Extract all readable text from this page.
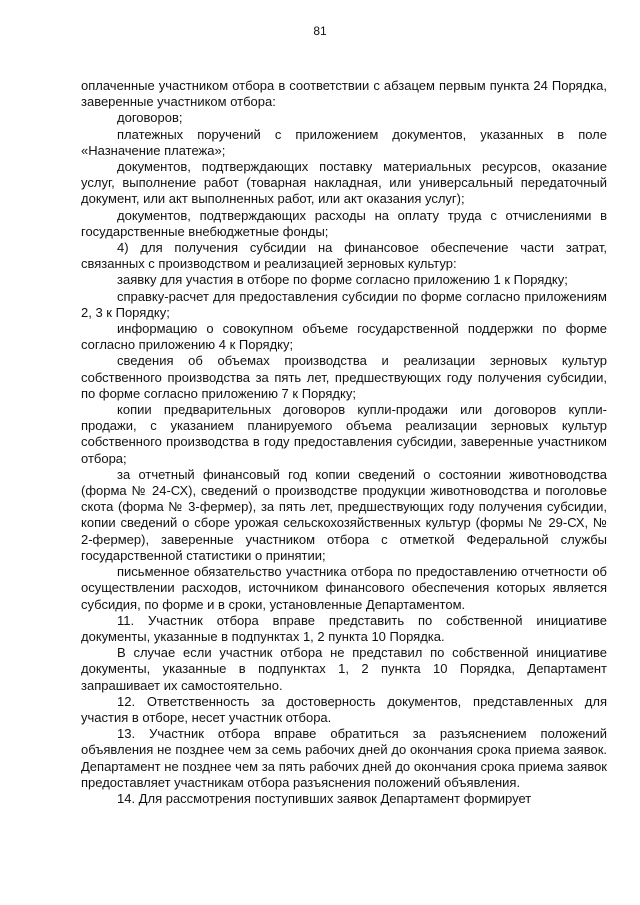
81

оплаченные участником отбора в соответствии с абзацем первым пункта 24 Порядка, заверенные участником отбора:

договоров;

платежных поручений с приложением документов, указанных в поле «Назначение платежа»;

документов, подтверждающих поставку материальных ресурсов, оказание услуг, выполнение работ (товарная накладная, или универсальный передаточный документ, или акт выполненных работ, или акт оказания услуг);

документов, подтверждающих расходы на оплату труда с отчислениями в государственные внебюджетные фонды;

4) для получения субсидии на финансовое обеспечение части затрат, связанных с производством и реализацией зерновых культур:

заявку для участия в отборе по форме согласно приложению 1 к Порядку;

справку-расчет для предоставления субсидии по форме согласно приложениям 2, 3 к Порядку;

информацию о совокупном объеме государственной поддержки по форме согласно приложению 4 к Порядку;

сведения об объемах производства и реализации зерновых культур собственного производства за пять лет, предшествующих году получения субсидии, по форме согласно приложению 7 к Порядку;

копии предварительных договоров купли-продажи или договоров купли-продажи, с указанием планируемого объема реализации зерновых культур собственного производства в году предоставления субсидии, заверенные участником отбора;

за отчетный финансовый год копии сведений о состоянии животноводства (форма № 24-СХ), сведений о производстве продукции животноводства и поголовье скота (форма № 3-фермер), за пять лет, предшествующих году получения субсидии, копии сведений о сборе урожая сельскохозяйственных культур (формы № 29-СХ, № 2-фермер), заверенные участником отбора с отметкой Федеральной службы государственной статистики о принятии;

письменное обязательство участника отбора по предоставлению отчетности об осуществлении расходов, источником финансового обеспечения которых является субсидия, по форме и в сроки, установленные Департаментом.

11. Участник отбора вправе представить по собственной инициативе документы, указанные в подпунктах 1, 2 пункта 10 Порядка.

В случае если участник отбора не представил по собственной инициативе документы, указанные в подпунктах 1, 2 пункта 10 Порядка, Департамент запрашивает их самостоятельно.

12. Ответственность за достоверность документов, представленных для участия в отборе, несет участник отбора.

13. Участник отбора вправе обратиться за разъяснением положений объявления не позднее чем за семь рабочих дней до окончания срока приема заявок. Департамент не позднее чем за пять рабочих дней до окончания срока приема заявок предоставляет участникам отбора разъяснения положений объявления.

14. Для рассмотрения поступивших заявок Департамент формирует
